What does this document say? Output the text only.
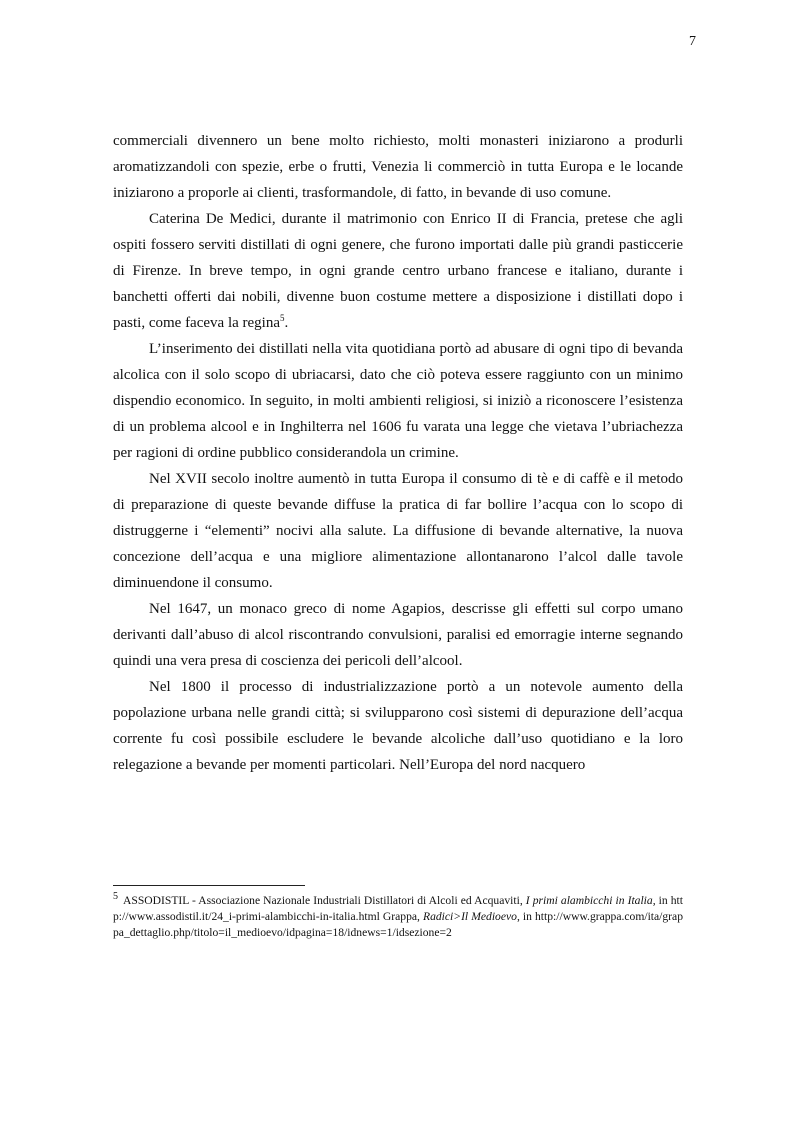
7

commerciali divennero un bene molto richiesto, molti monasteri iniziarono a produrli aromatizzandoli con spezie, erbe o frutti, Venezia li commerciò in tutta Europa e le locande iniziarono a proporle ai clienti, trasformandole, di fatto, in bevande di uso comune.

Caterina De Medici, durante il matrimonio con Enrico II di Francia, pretese che agli ospiti fossero serviti distillati di ogni genere, che furono importati dalle più grandi pasticcerie di Firenze. In breve tempo, in ogni grande centro urbano francese e italiano, durante i banchetti offerti dai nobili, divenne buon costume mettere a disposizione i distillati dopo i pasti, come faceva la regina$^5$.

L’inserimento dei distillati nella vita quotidiana portò ad abusare di ogni tipo di bevanda alcolica con il solo scopo di ubriacarsi, dato che ciò poteva essere raggiunto con un minimo dispendio economico. In seguito, in molti ambienti religiosi, si iniziò a riconoscere l’esistenza di un problema alcool e in Inghilterra nel 1606 fu varata una legge che vietava l’ubriachezza per ragioni di ordine pubblico considerandola un crimine.

Nel XVII secolo inoltre aumentò in tutta Europa il consumo di tè e di caffè e il metodo di preparazione di queste bevande diffuse la pratica di far bollire l’acqua con lo scopo di distruggerne i “elementi” nocivi alla salute. La diffusione di bevande alternative, la nuova concezione dell’acqua e una migliore alimentazione allontanarono l’alcol dalle tavole diminuendone il consumo.

Nel 1647, un monaco greco di nome Agapios, descrisse gli effetti sul corpo umano derivanti dall’abuso di alcol riscontrando convulsioni, paralisi ed emorragie interne segnando quindi una vera presa di coscienza dei pericoli dell’alcool.

Nel 1800 il processo di industrializzazione portò a un notevole aumento della popolazione urbana nelle grandi città; si svilupparono così sistemi di depurazione dell’acqua corrente fu così possibile escludere le bevande alcoliche dall’uso quotidiano e la loro relegazione a bevande per momenti particolari. Nell’Europa del nord nacquero

5 ASSODISTIL - Associazione Nazionale Industriali Distillatori di Alcoli ed Acquaviti, I primi alambicchi in Italia, in http://www.assodistil.it/24_i-primi-alambicchi-in-italia.html Grappa, Radici>Il Medioevo, in http://www.grappa.com/ita/grappa_dettaglio.php/titolo=il_medioevo/idpagina=18/idnews=1/idsezione=2
